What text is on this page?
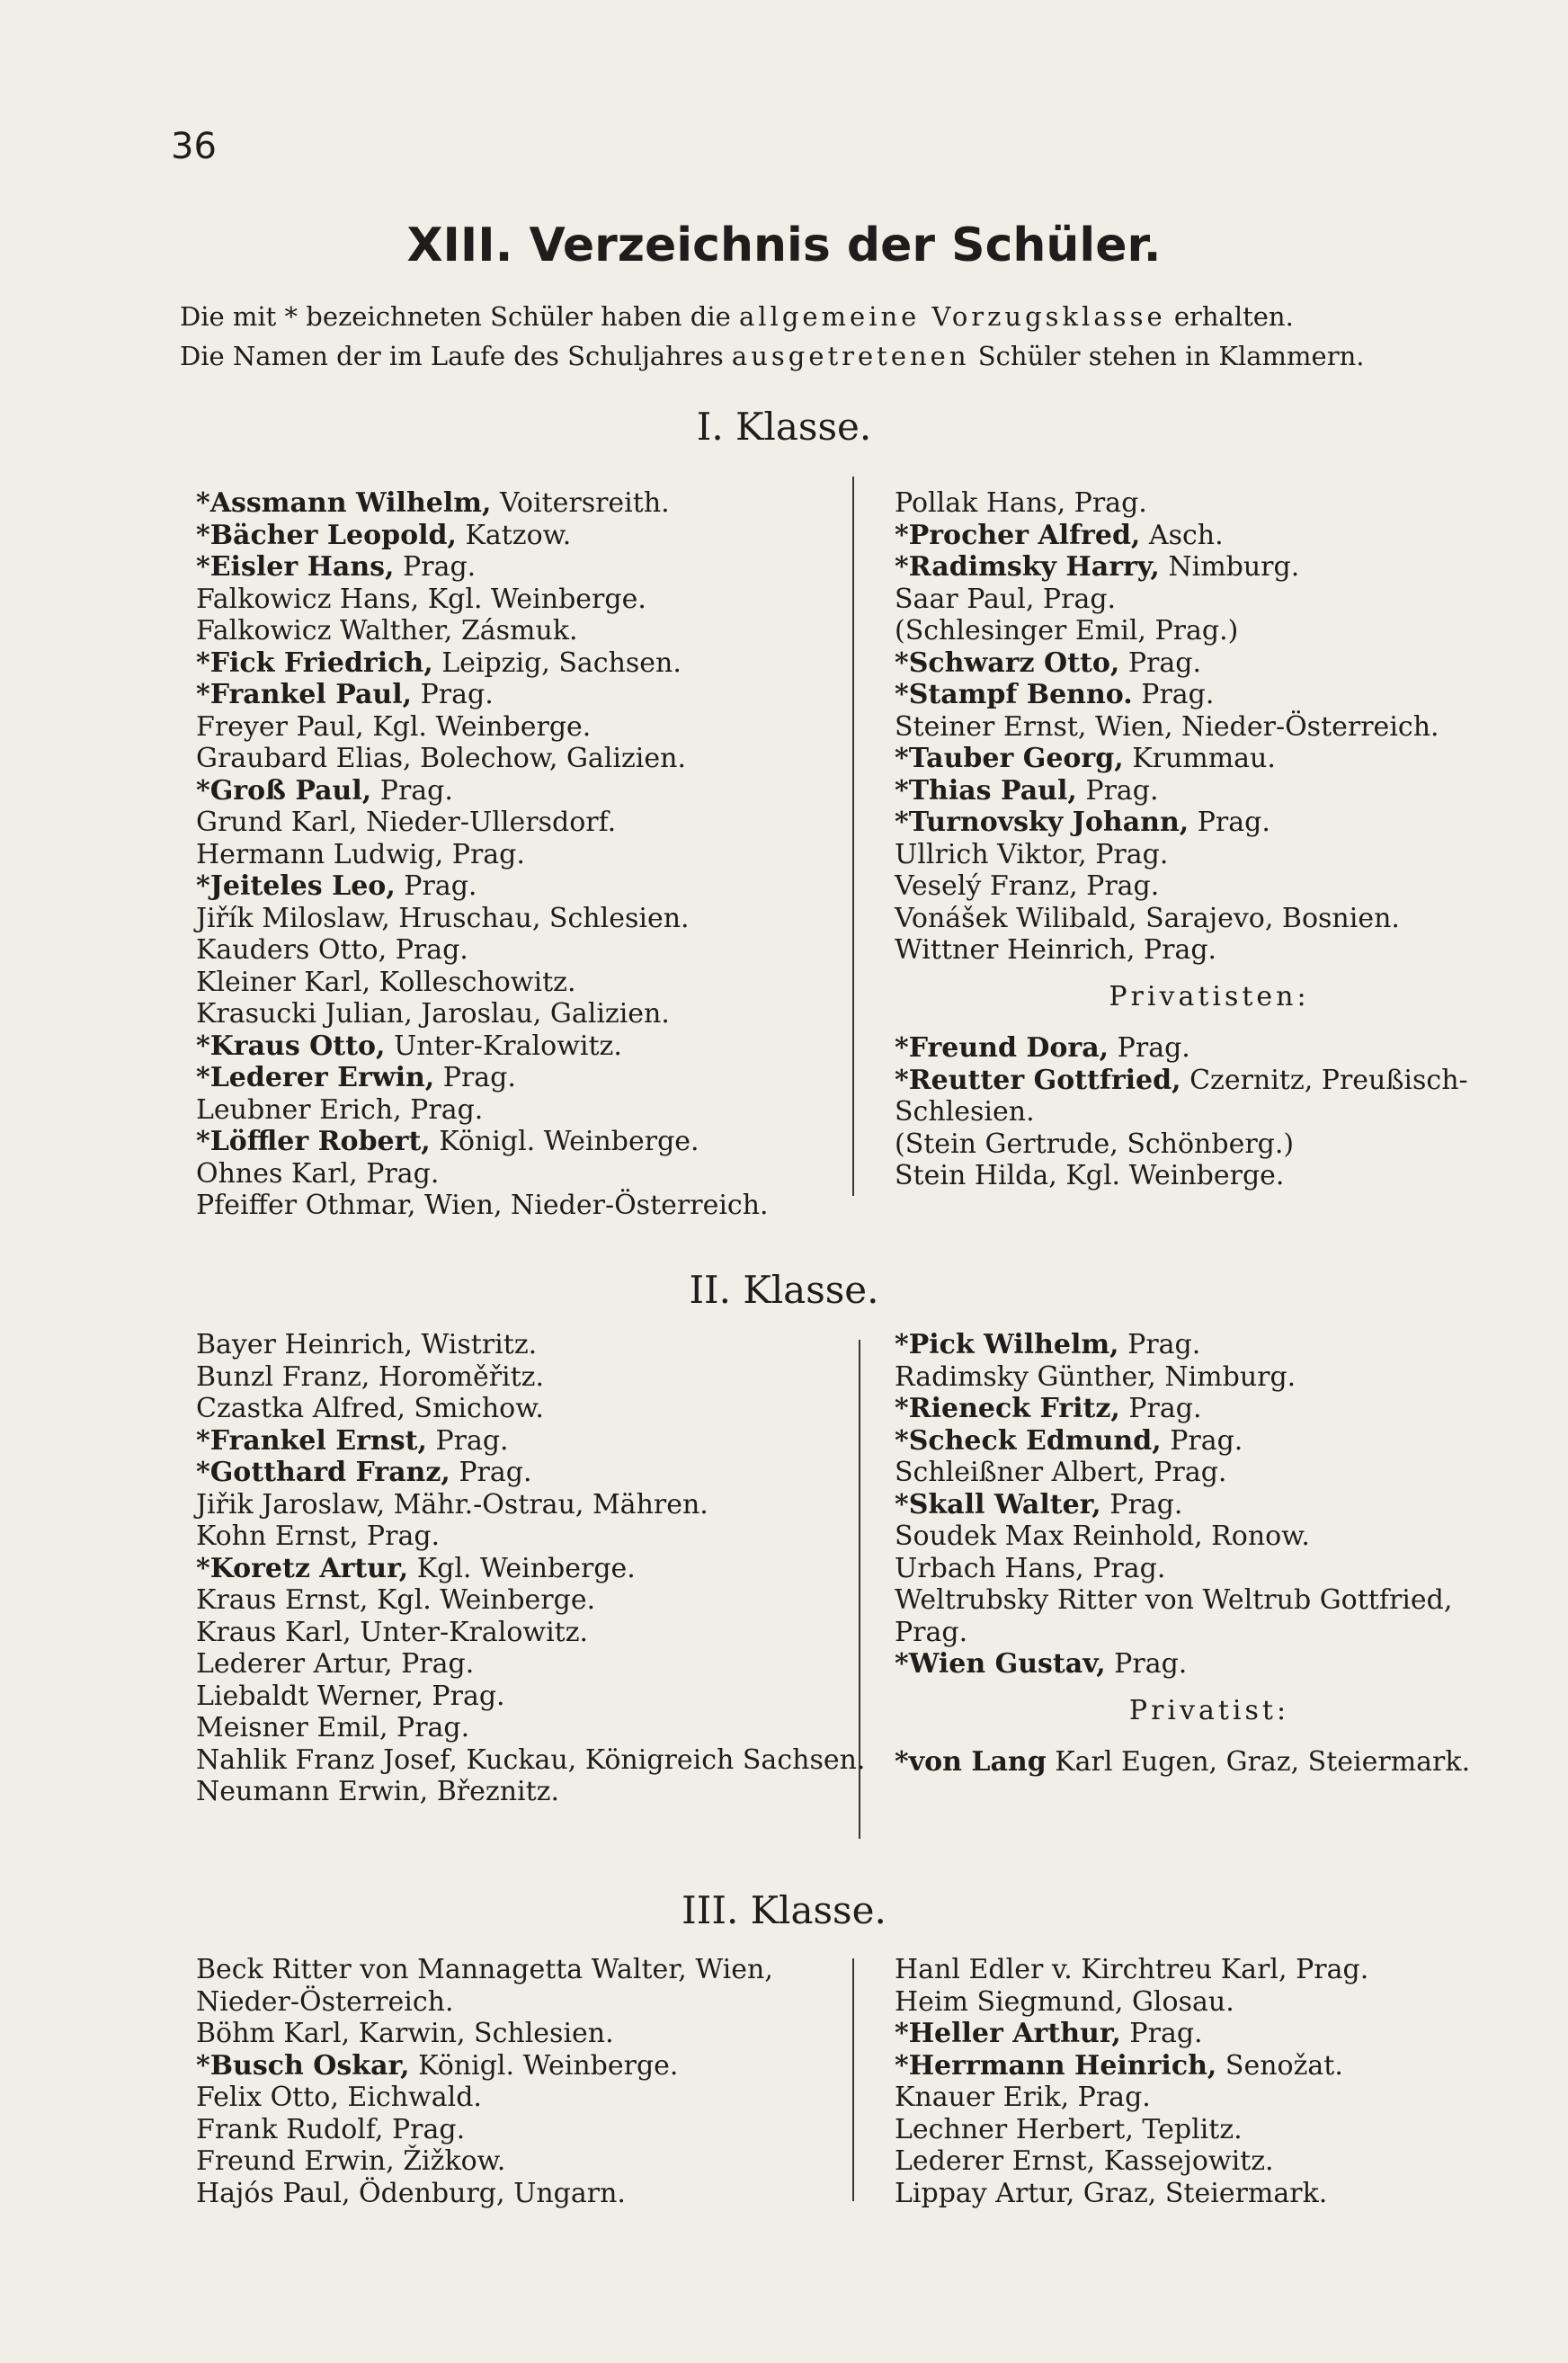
36
XIII. Verzeichnis der Schüler.
Die mit * bezeichneten Schüler haben die allgemeine Vorzugsklasse erhalten.
Die Namen der im Laufe des Schuljahres ausgetretenen Schüler stehen in Klammern.
I. Klasse.
*Assmann Wilhelm, Voitersreith.
*Bächer Leopold, Katzow.
*Eisler Hans, Prag.
Falkowicz Hans, Kgl. Weinberge.
Falkowicz Walther, Zásmuk.
*Fick Friedrich, Leipzig, Sachsen.
*Frankel Paul, Prag.
Freyer Paul, Kgl. Weinberge.
Graubard Elias, Bolechow, Galizien.
*Groß Paul, Prag.
Grund Karl, Nieder-Ullersdorf.
Hermann Ludwig, Prag.
*Jeiteles Leo, Prag.
Jiřík Miloslaw, Hruschau, Schlesien.
Kauders Otto, Prag.
Kleiner Karl, Kolleschowitz.
Krasucki Julian, Jaroslau, Galizien.
*Kraus Otto, Unter-Kralowitz.
*Lederer Erwin, Prag.
Leubner Erich, Prag.
*Löffler Robert, Königl. Weinberge.
Ohnes Karl, Prag.
Pfeiffer Othmar, Wien, Nieder-Österreich.
Pollak Hans, Prag.
*Procher Alfred, Asch.
*Radimsky Harry, Nimburg.
Saar Paul, Prag.
(Schlesinger Emil, Prag.)
*Schwarz Otto, Prag.
*Stampf Benno. Prag.
Steiner Ernst, Wien, Nieder-Österreich.
*Tauber Georg, Krummau.
*Thias Paul, Prag.
*Turnovsky Johann, Prag.
Ullrich Viktor, Prag.
Veselý Franz, Prag.
Vonášek Wilibald, Sarajevo, Bosnien.
Wittner Heinrich, Prag.
Privatisten:
*Freund Dora, Prag.
*Reutter Gottfried, Czernitz, Preußisch-Schlesien.
(Stein Gertrude, Schönberg.)
Stein Hilda, Kgl. Weinberge.
II. Klasse.
Bayer Heinrich, Wistritz.
Bunzl Franz, Horoměřitz.
Czastka Alfred, Smichow.
*Frankel Ernst, Prag.
*Gotthard Franz, Prag.
Jiřik Jaroslaw, Mähr.-Ostrau, Mähren.
Kohn Ernst, Prag.
*Koretz Artur, Kgl. Weinberge.
Kraus Ernst, Kgl. Weinberge.
Kraus Karl, Unter-Kralowitz.
Lederer Artur, Prag.
Liebaldt Werner, Prag.
Meisner Emil, Prag.
Nahlik Franz Josef, Kuckau, Königreich Sachsen.
Neumann Erwin, Březnitz.
*Pick Wilhelm, Prag.
Radimsky Günther, Nimburg.
*Rieneck Fritz, Prag.
*Scheck Edmund, Prag.
Schleißner Albert, Prag.
*Skall Walter, Prag.
Soudek Max Reinhold, Ronow.
Urbach Hans, Prag.
Weltrubsky Ritter von Weltrub Gottfried, Prag.
*Wien Gustav, Prag.
Privatist:
*von Lang Karl Eugen, Graz, Steiermark.
III. Klasse.
Beck Ritter von Mannagetta Walter, Wien, Nieder-Österreich.
Böhm Karl, Karwin, Schlesien.
*Busch Oskar, Königl. Weinberge.
Felix Otto, Eichwald.
Frank Rudolf, Prag.
Freund Erwin, Žižkow.
Hajós Paul, Ödenburg, Ungarn.
Hanl Edler v. Kirchtreu Karl, Prag.
Heim Siegmund, Glosau.
*Heller Arthur, Prag.
*Herrmann Heinrich, Senožat.
Knauer Erik, Prag.
Lechner Herbert, Teplitz.
Lederer Ernst, Kassejowitz.
Lippay Artur, Graz, Steiermark.
